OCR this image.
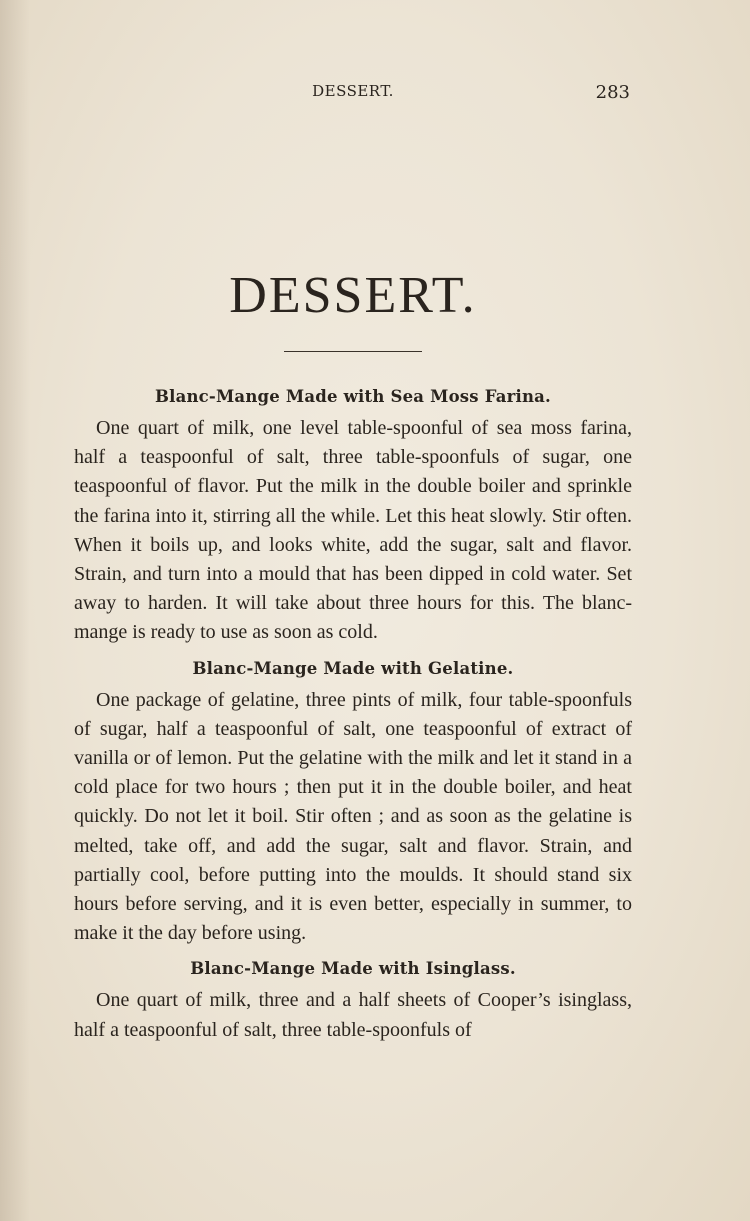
DESSERT.	283
DESSERT.
Blanc-Mange Made with Sea Moss Farina.

One quart of milk, one level table-spoonful of sea moss farina, half a teaspoonful of salt, three table-spoonfuls of sugar, one teaspoonful of flavor. Put the milk in the double boiler and sprinkle the farina into it, stirring all the while. Let this heat slowly. Stir often. When it boils up, and looks white, add the sugar, salt and flavor. Strain, and turn into a mould that has been dipped in cold water. Set away to harden. It will take about three hours for this. The blanc-mange is ready to use as soon as cold.

Blanc-Mange Made with Gelatine.

One package of gelatine, three pints of milk, four table-spoonfuls of sugar, half a teaspoonful of salt, one teaspoonful of extract of vanilla or of lemon. Put the gelatine with the milk and let it stand in a cold place for two hours ; then put it in the double boiler, and heat quickly. Do not let it boil. Stir often ; and as soon as the gelatine is melted, take off, and add the sugar, salt and flavor. Strain, and partially cool, before putting into the moulds. It should stand six hours before serving, and it is even better, especially in summer, to make it the day before using.

Blanc-Mange Made with Isinglass.

One quart of milk, three and a half sheets of Cooper’s isinglass, half a teaspoonful of salt, three table-spoonfuls of
